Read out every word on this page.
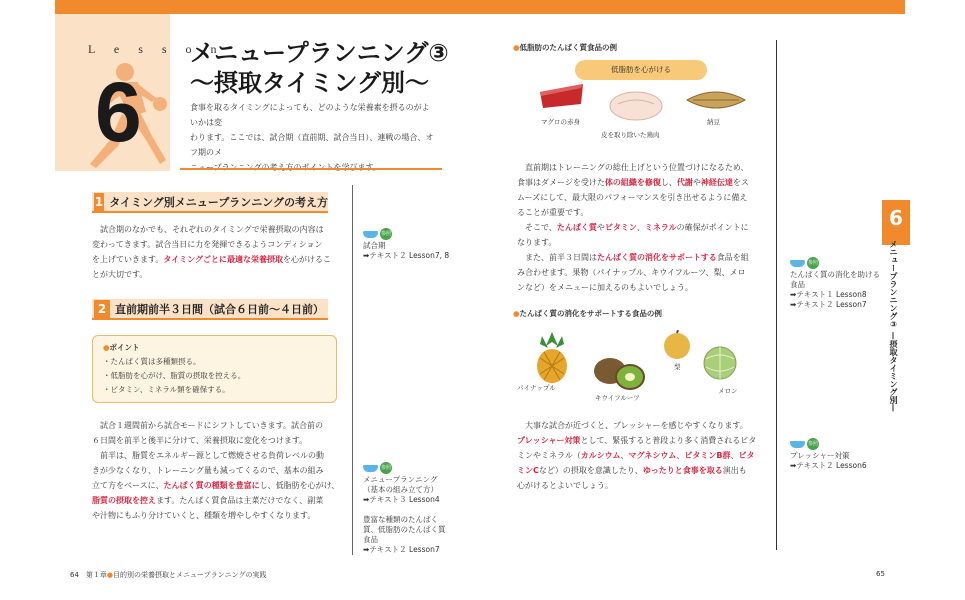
L e s s o n
6
メニュープランニング③
〜摂取タイミング別〜
食事を取るタイミングによっても、どのような栄養素を摂るのがよいかは変
わります。ここでは、試合期（直前期、試合当日）、連戦の場合、オフ期のメ
1 タイミング別メニュープランニングの考え方
　試合期のなかでも、それぞれのタイミングで栄養摂取の内容は
変わってきます。試合当日に力を発揮できるようコンディション
を上げていきます。タイミングごとに最適な栄養摂取を心がけるこ
とが大切です。
2 直前期前半３日間（試合６日前〜４日前）
●ポイント
・たんぱく質は多種類摂る。
・低脂肪を心がけ、脂質の摂取を控える。
・ビタミン、ミネラル類を確保する。
　試合１週間前から試合モードにシフトしていきます。試合前の
６日間を前半と後半に分けて、栄養摂取に変化をつけます。
　前半は、脂質をエネルギー源として燃焼させる負荷レベルの動
きが少なくなり、トレーニング量も減ってくるので、基本の組み
立て方をベースに、たんぱく質の種類を豊富にし、低脂肪を心がけ、
脂質の摂取を控えます。たんぱく質食品は主菜だけでなく、副菜
や汁物にもふり分けていくと、種類を増やしやすくなります。
参照
試合期
➡テキスト２ Lesson7, 8
参照
メニュープランニング
（基本の組み立て方）
➡テキスト３ Lesson4
豊富な種類のたんぱく
質、低脂肪のたんぱく質
食品
➡テキスト２ Lesson7
●低脂肪のたんぱく質食品の例
低脂肪を心がける
マグロの赤身
皮を取り除いた鶏肉
納豆
　直前期はトレーニングの総仕上げという位置づけになるため、
食事はダメージを受けた体の組織を修復し、代謝や神経伝達をス
ムーズにして、最大限のパフォーマンスを引き出せるように備え
ることが重要です。
　そこで、たんぱく質やビタミン、ミネラルの確保がポイントに
なります。
　また、前半３日間はたんぱく質の消化をサポートする食品を組
み合わせます。果物（パイナップル、キウイフルーツ、梨、メロ
ンなど）をメニューに加えるのもよいでしょう。
●たんぱく質の消化をサポートする食品の例
パイナップル
キウイフルーツ
梨
メロン
　大事な試合が近づくと、プレッシャーを感じやすくなります。
プレッシャー対策として、緊張すると普段より多く消費されるビタ
ミンやミネラル（カルシウム、マグネシウム、ビタミンB群、ビタ
ミンCなど）の摂取を意識したり、ゆったりと食事を取る演出も
心がけるとよいでしょう。
参照
たんぱく質の消化を助ける
食品
➡テキスト１ Lesson8
➡テキスト２ Lesson7
参照
プレッシャー対策
➡テキスト２ Lesson6
6
メニュープランニング③ —摂取タイミング別—
64　 第１章●目的別の栄養摂取とメニュープランニングの実践	65
